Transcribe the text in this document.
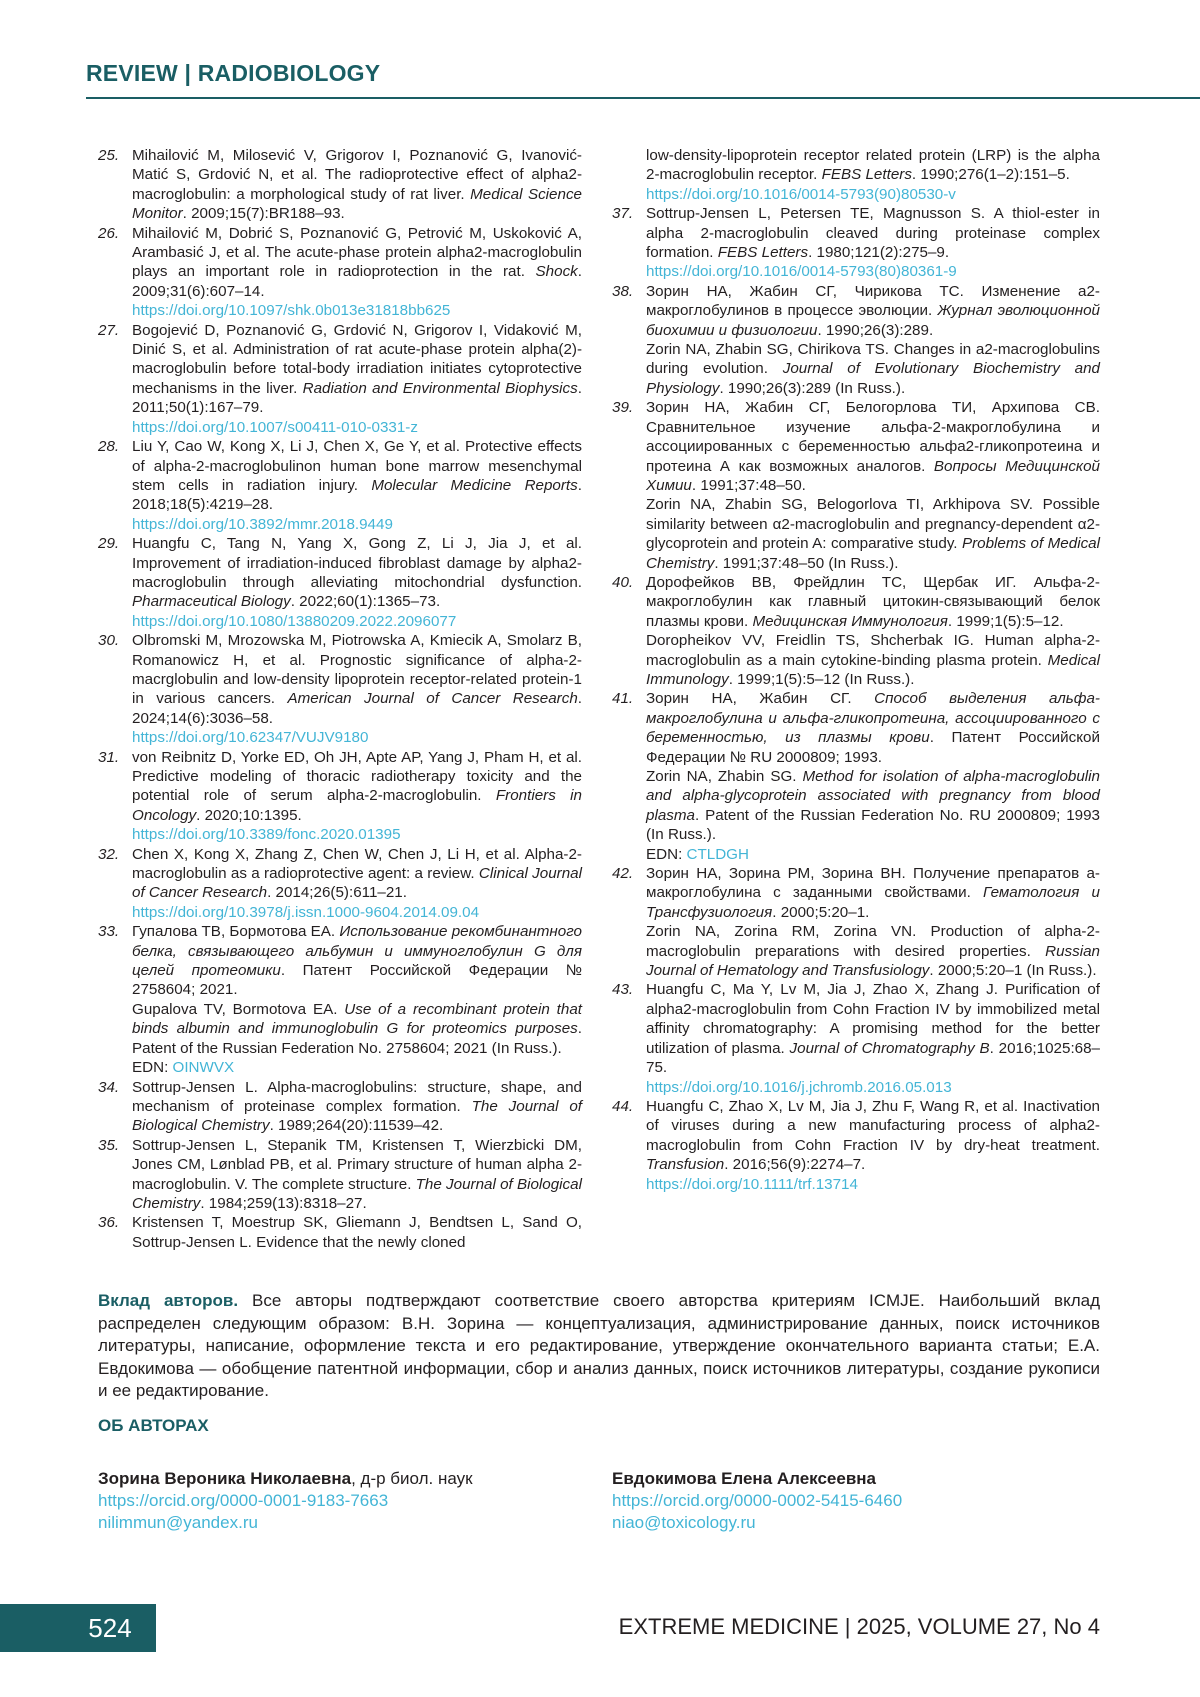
REVIEW | RADIOBIOLOGY
25. Mihailović M, Milosević V, Grigorov I, Poznanović G, Ivanović-Matić S, Grdović N, et al. The radioprotective effect of alpha2-macroglobulin: a morphological study of rat liver. Medical Science Monitor. 2009;15(7):BR188–93.
26. Mihailović M, Dobrić S, Poznanović G, Petrović M, Uskoković A, Arambasić J, et al. The acute-phase protein alpha2-macroglobulin plays an important role in radioprotection in the rat. Shock. 2009;31(6):607–14.
https://doi.org/10.1097/shk.0b013e31818bb625
27. Bogojević D, Poznanović G, Grdović N, Grigorov I, Vidaković M, Dinić S, et al. Administration of rat acute-phase protein alpha(2)-macroglobulin before total-body irradiation initiates cytoprotective mechanisms in the liver. Radiation and Environmental Biophysics. 2011;50(1):167–79.
https://doi.org/10.1007/s00411-010-0331-z
28. Liu Y, Cao W, Kong X, Li J, Chen X, Ge Y, et al. Protective effects of alpha-2-macroglobulinon human bone marrow mesenchymal stem cells in radiation injury. Molecular Medicine Reports. 2018;18(5):4219–28.
https://doi.org/10.3892/mmr.2018.9449
29. Huangfu C, Tang N, Yang X, Gong Z, Li J, Jia J, et al. Improvement of irradiation-induced fibroblast damage by alpha2-macroglobulin through alleviating mitochondrial dysfunction. Pharmaceutical Biology. 2022;60(1):1365–73.
https://doi.org/10.1080/13880209.2022.2096077
30. Olbromski M, Mrozowska M, Piotrowska A, Kmiecik A, Smolarz B, Romanowicz H, et al. Prognostic significance of alpha-2-macrglobulin and low-density lipoprotein receptor-related protein-1 in various cancers. American Journal of Cancer Research. 2024;14(6):3036–58.
https://doi.org/10.62347/VUJV9180
31. von Reibnitz D, Yorke ED, Oh JH, Apte AP, Yang J, Pham H, et al. Predictive modeling of thoracic radiotherapy toxicity and the potential role of serum alpha-2-macroglobulin. Frontiers in Oncology. 2020;10:1395.
https://doi.org/10.3389/fonc.2020.01395
32. Chen X, Kong X, Zhang Z, Chen W, Chen J, Li H, et al. Alpha-2-macroglobulin as a radioprotective agent: a review. Clinical Journal of Cancer Research. 2014;26(5):611–21.
https://doi.org/10.3978/j.issn.1000-9604.2014.09.04
33. Гупалова ТВ, Бормотова ЕА. Использование рекомбинантного белка, связывающего альбумин и иммуноглобулин G для целей протеомики. Патент Российской Федерации № 2758604; 2021.
Gupalova TV, Bormotova EA. Use of a recombinant protein that binds albumin and immunoglobulin G for proteomics purposes. Patent of the Russian Federation No. 2758604; 2021 (In Russ.).
EDN: OINWVX
34. Sottrup-Jensen L. Alpha-macroglobulins: structure, shape, and mechanism of proteinase complex formation. The Journal of Biological Chemistry. 1989;264(20):11539–42.
35. Sottrup-Jensen L, Stepanik TM, Kristensen T, Wierzbicki DM, Jones CM, Lønblad PB, et al. Primary structure of human alpha 2-macroglobulin. V. The complete structure. The Journal of Biological Chemistry. 1984;259(13):8318–27.
36. Kristensen T, Moestrup SK, Gliemann J, Bendtsen L, Sand O, Sottrup-Jensen L. Evidence that the newly cloned
low-density-lipoprotein receptor related protein (LRP) is the alpha 2-macroglobulin receptor. FEBS Letters. 1990;276(1–2):151–5.
https://doi.org/10.1016/0014-5793(90)80530-v
37. Sottrup-Jensen L, Petersen TE, Magnusson S. A thiol-ester in alpha 2-macroglobulin cleaved during proteinase complex formation. FEBS Letters. 1980;121(2):275–9.
https://doi.org/10.1016/0014-5793(80)80361-9
38. Зорин НА, Жабин СГ, Чирикова ТС. Изменение a2-макроглобулинов в процессе эволюции. Журнал эволюционной биохимии и физиологии. 1990;26(3):289.
Zorin NA, Zhabin SG, Chirikova TS. Changes in a2-macroglobulins during evolution. Journal of Evolutionary Biochemistry and Physiology. 1990;26(3):289 (In Russ.).
39. Зорин НА, Жабин СГ, Белогорлова ТИ, Архипова СВ. Сравнительное изучение альфа-2-макроглобулина и ассоциированных с беременностью альфа2-гликопротеина и протеина А как возможных аналогов. Вопросы Медицинской Химии. 1991;37:48–50.
Zorin NA, Zhabin SG, Belogorlova TI, Arkhipova SV. Possible similarity between α2-macroglobulin and pregnancy-dependent α2-glycoprotein and protein A: comparative study. Problems of Medical Chemistry. 1991;37:48–50 (In Russ.).
40. Дорофейков ВВ, Фрейдлин ТС, Щербак ИГ. Альфа-2-макроглобулин как главный цитокин-связывающий белок плазмы крови. Медицинская Иммунология. 1999;1(5):5–12.
Doropheikov VV, Freidlin TS, Shcherbak IG. Human alpha-2-macroglobulin as a main cytokine-binding plasma protein. Medical Immunology. 1999;1(5):5–12 (In Russ.).
41. Зорин НА, Жабин СГ. Способ выделения альфа-макроглобулина и альфа-гликопротеина, ассоциированного с беременностью, из плазмы крови. Патент Российской Федерации № RU 2000809; 1993.
Zorin NA, Zhabin SG. Method for isolation of alpha-macroglobulin and alpha-glycoprotein associated with pregnancy from blood plasma. Patent of the Russian Federation No. RU 2000809; 1993 (In Russ.).
EDN: CTLDGH
42. Зорин НА, Зорина РМ, Зорина ВН. Получение препаратов а-макроглобулина с заданными свойствами. Гематология и Трансфузиология. 2000;5:20–1.
Zorin NA, Zorina RM, Zorina VN. Production of alpha-2-macroglobulin preparations with desired properties. Russian Journal of Hematology and Transfusiology. 2000;5:20–1 (In Russ.).
43. Huangfu C, Ma Y, Lv M, Jia J, Zhao X, Zhang J. Purification of alpha2-macroglobulin from Cohn Fraction IV by immobilized metal affinity chromatography: A promising method for the better utilization of plasma. Journal of Chromatography B. 2016;1025:68–75.
https://doi.org/10.1016/j.jchromb.2016.05.013
44. Huangfu C, Zhao X, Lv M, Jia J, Zhu F, Wang R, et al. Inactivation of viruses during a new manufacturing process of alpha2-macroglobulin from Cohn Fraction IV by dry-heat treatment. Transfusion. 2016;56(9):2274–7.
https://doi.org/10.1111/trf.13714
Вклад авторов. Все авторы подтверждают соответствие своего авторства критериям ICMJE. Наибольший вклад распределен следующим образом: В.Н. Зорина — концептуализация, администрирование данных, поиск источников литературы, написание, оформление текста и его редактирование, утверждение окончательного варианта статьи; Е.А. Евдокимова — обобщение патентной информации, сбор и анализ данных, поиск источников литературы, создание рукописи и ее редактирование.
ОБ АВТОРАХ
Зорина Вероника Николаевна, д-р биол. наук
https://orcid.org/0000-0001-9183-7663
nilimmun@yandex.ru
Евдокимова Елена Алексеевна
https://orcid.org/0000-0002-5415-6460
niao@toxicology.ru
524	EXTREME MEDICINE | 2025, VOLUME 27, No 4
